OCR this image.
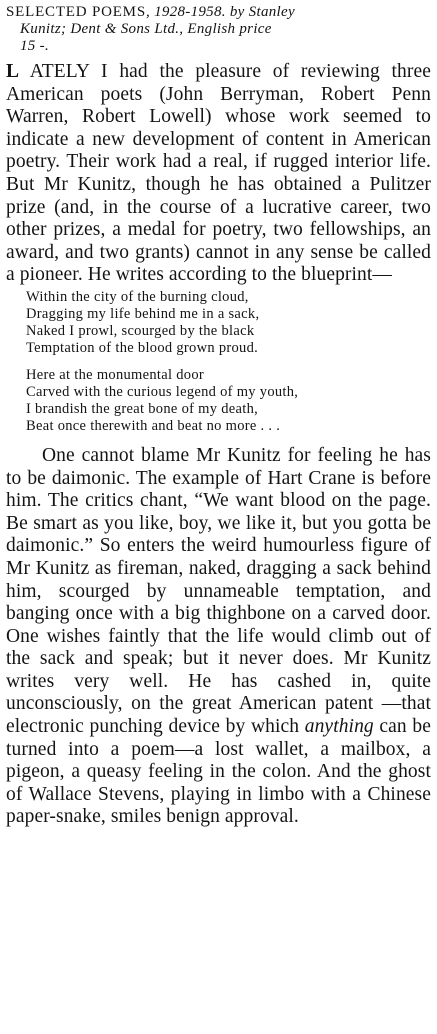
SELECTED POEMS, 1928-1958. by Stanley
Kunitz; Dent & Sons Ltd., English price
15 -.

L ATELY I had the pleasure of reviewing three American poets (John Berryman, Robert Penn Warren, Robert Lowell) whose work seemed to indicate a new development of content in American poetry. Their work had a real, if rugged interior life. But Mr Kunitz, though he has obtained a Pulitzer prize (and, in the course of a lucrative career, two other prizes, a medal for poetry, two fellowships, an award, and two grants) cannot in any sense be called a pioneer. He writes according to the blueprint—

Within the city of the burning cloud,
Dragging my life behind me in a sack,
Naked I prowl, scourged by the black
Temptation of the blood grown proud.
Here at the monumental door
Carved with the curious legend of my youth,
I brandish the great bone of my death,
Beat once therewith and beat no more . . .

One cannot blame Mr Kunitz for feeling he has to be daimonic. The example of Hart Crane is before him. The critics chant, “We want blood on the page. Be smart as you like, boy, we like it, but you gotta be daimonic.” So enters the weird humourless figure of Mr Kunitz as fireman, naked, dragging a sack behind him, scourged by unnameable temptation, and banging once with a big thighbone on a carved door. One wishes faintly that the life would climb out of the sack and speak; but it never does. Mr Kunitz writes very well. He has cashed in, quite unconsciously, on the great American patent —that electronic punching device by which anything can be turned into a poem—a lost wallet, a mailbox, a pigeon, a queasy feeling in the colon. And the ghost of Wallace Stevens, playing in limbo with a Chinese paper-snake, smiles benign approval.
